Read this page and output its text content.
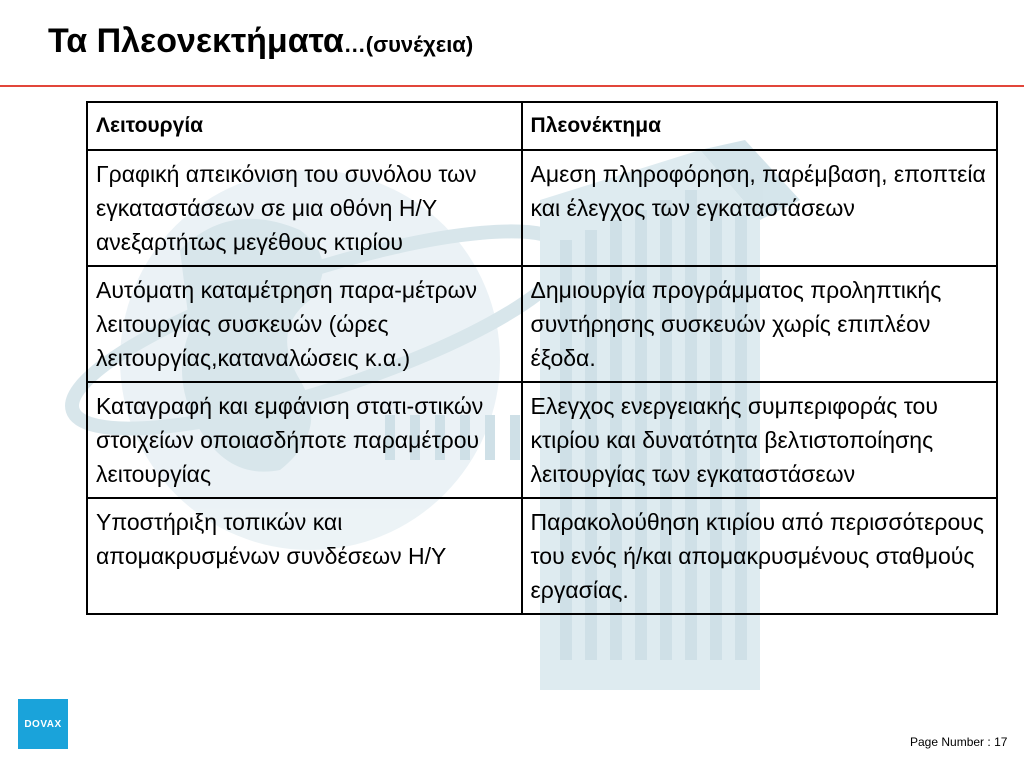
Τα Πλεονεκτήματα…(συνέχεια)
Λειτουργία	Πλεονέκτημα
Γραφική απεικόνιση του συνόλου των εγκαταστάσεων σε μια οθόνη Η/Υ ανεξαρτήτως μεγέθους κτιρίου	Αμεση πληροφόρηση, παρέμβαση, εποπτεία και έλεγχος των εγκαταστάσεων
Αυτόματη καταμέτρηση παρα-μέτρων λειτουργίας συσκευών (ώρες λειτουργίας,καταναλώσεις κ.α.)	Δημιουργία προγράμματος προληπτικής συντήρησης συσκευών χωρίς επιπλέον έξοδα.
Καταγραφή και εμφάνιση στατι-στικών στοιχείων οποιασδήποτε παραμέτρου λειτουργίας	Ελεγχος ενεργειακής συμπεριφοράς του κτιρίου και δυνατότητα βελτιστοποίησης λειτουργίας των εγκαταστάσεων
Υποστήριξη τοπικών και απομακρυσμένων συνδέσεων Η/Υ	Παρακολούθηση κτιρίου από περισσότερους του ενός ή/και απομακρυσμένους σταθμούς εργασίας.
DOVAX
Page Number : 17
